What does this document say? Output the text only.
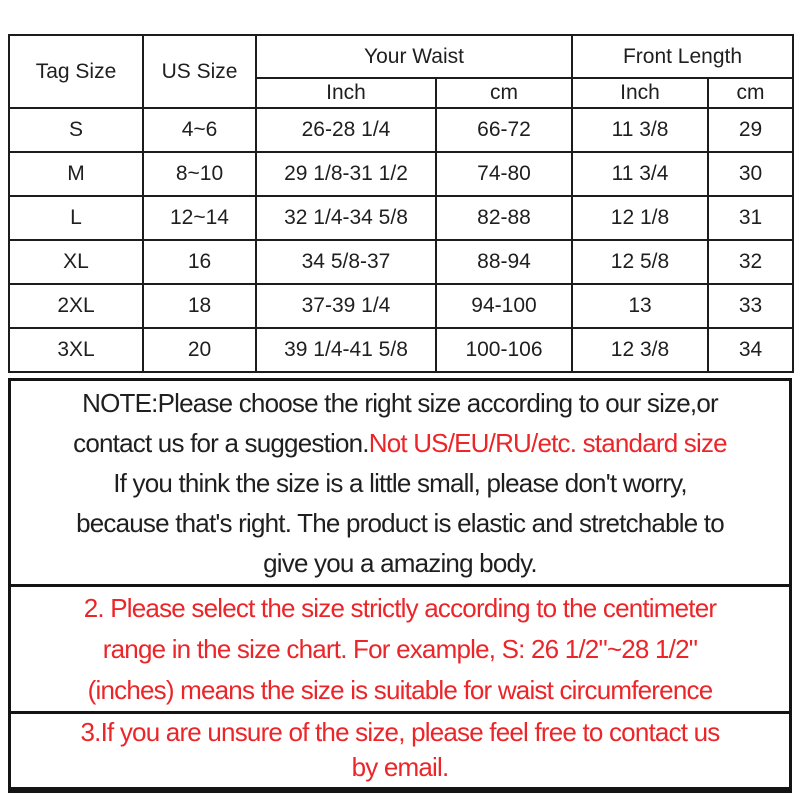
Tag Size	US Size	Your Waist		Front Length	
		Inch	cm	Inch	cm
S	4~6	26-28 1/4	66-72	11 3/8	29
M	8~10	29 1/8-31 1/2	74-80	11 3/4	30
L	12~14	32 1/4-34 5/8	82-88	12 1/8	31
XL	16	34 5/8-37	88-94	12 5/8	32
2XL	18	37-39 1/4	94-100	13	33
3XL	20	39 1/4-41 5/8	100-106	12 3/8	34
NOTE:Please choose the right size according to our size,or
contact us for a suggestion.Not US/EU/RU/etc. standard size
If you think the size is a little small, please don't worry,
because that's right. The product is elastic and stretchable to
give you a amazing body.
2. Please select the size strictly according to the centimeter
range in the size chart. For example, S: 26 1/2"~28 1/2"
(inches) means the size is suitable for waist circumference
3.If you are unsure of the size, please feel free to contact us
by email.
